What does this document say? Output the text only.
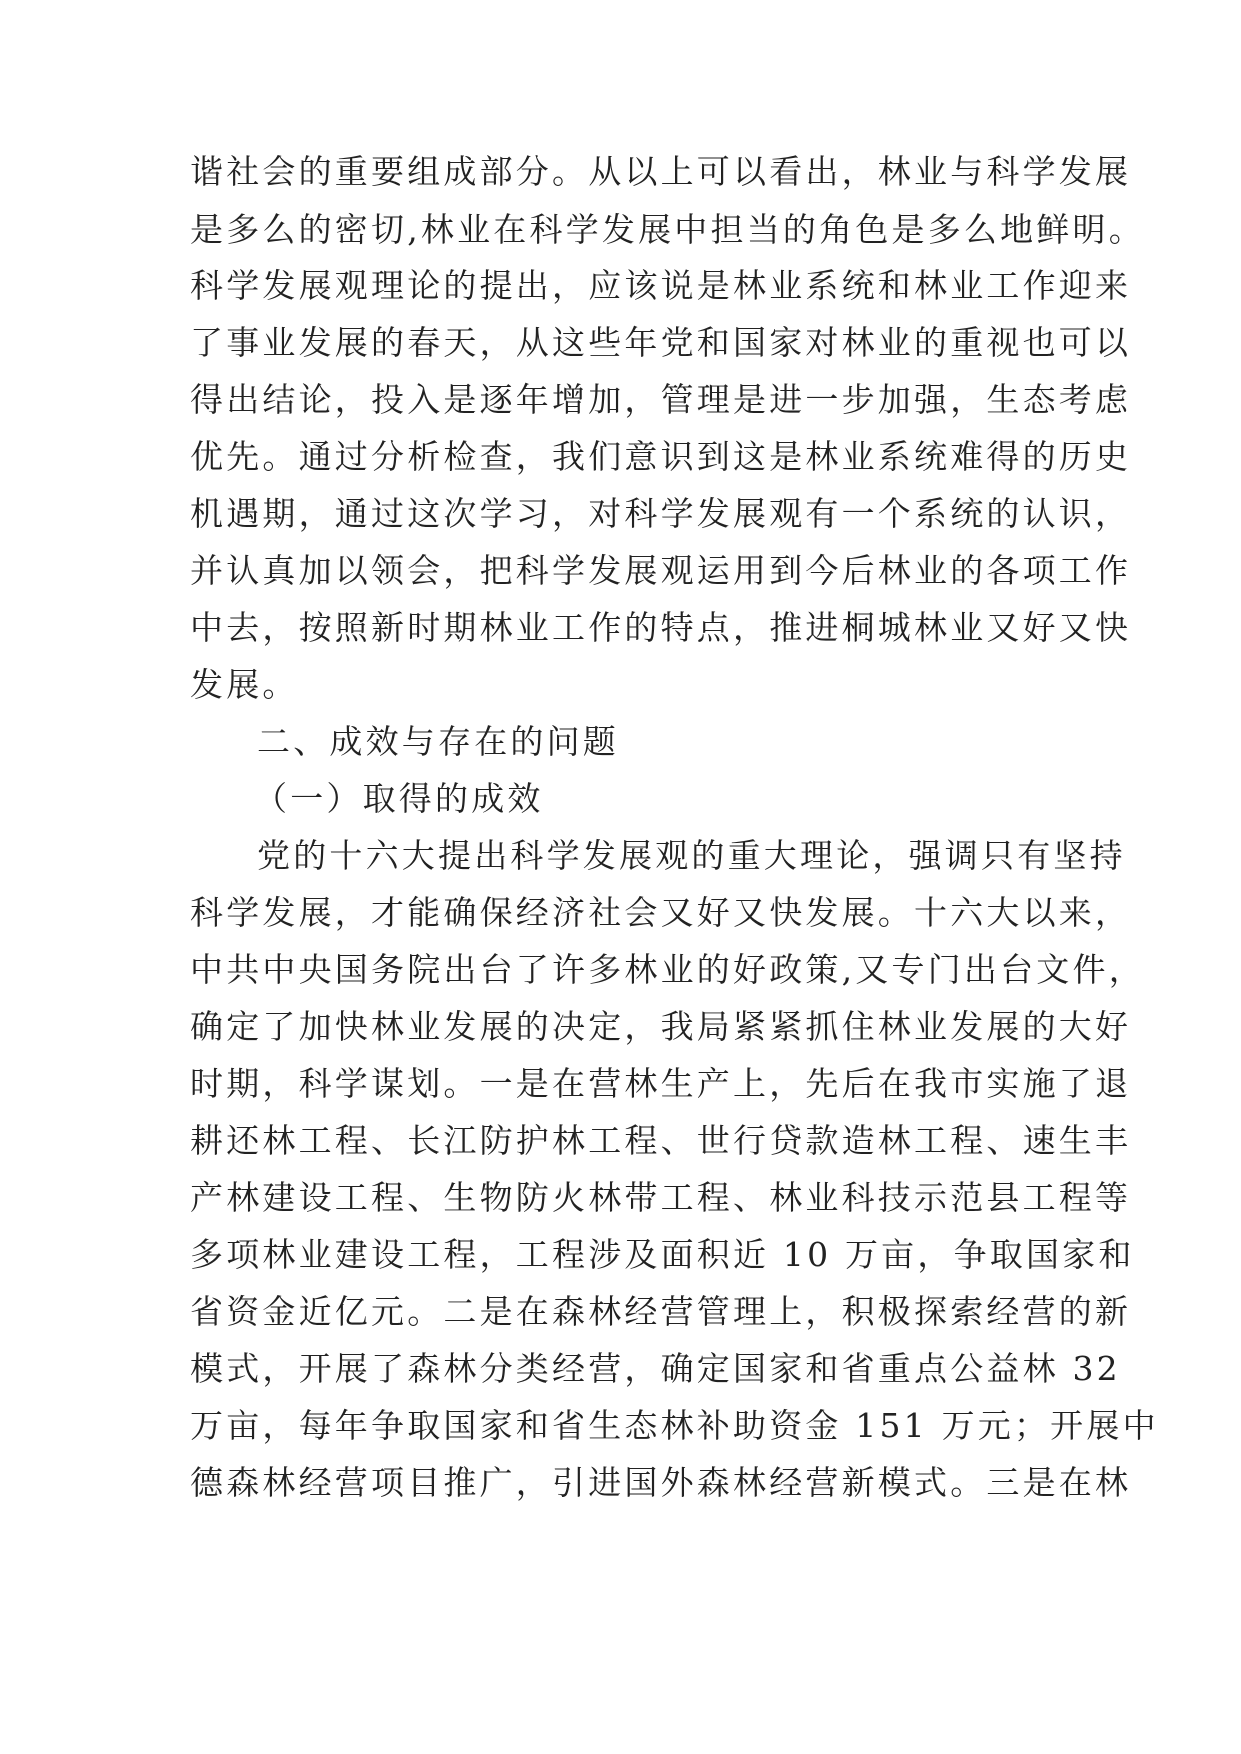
谐社会的重要组成部分。从以上可以看出，林业与科学发展
是多么的密切,林业在科学发展中担当的角色是多么地鲜明。
科学发展观理论的提出，应该说是林业系统和林业工作迎来
了事业发展的春天，从这些年党和国家对林业的重视也可以
得出结论，投入是逐年增加，管理是进一步加强，生态考虑
优先。通过分析检查，我们意识到这是林业系统难得的历史
机遇期，通过这次学习，对科学发展观有一个系统的认识，
并认真加以领会，把科学发展观运用到今后林业的各项工作
中去，按照新时期林业工作的特点，推进桐城林业又好又快
发展。
二、成效与存在的问题
（一）取得的成效
党的十六大提出科学发展观的重大理论，强调只有坚持
科学发展，才能确保经济社会又好又快发展。十六大以来，
中共中央国务院出台了许多林业的好政策,又专门出台文件，
确定了加快林业发展的决定，我局紧紧抓住林业发展的大好
时期，科学谋划。一是在营林生产上，先后在我市实施了退
耕还林工程、长江防护林工程、世行贷款造林工程、速生丰
产林建设工程、生物防火林带工程、林业科技示范县工程等
多项林业建设工程，工程涉及面积近 10 万亩，争取国家和
省资金近亿元。二是在森林经营管理上，积极探索经营的新
模式，开展了森林分类经营，确定国家和省重点公益林 32
万亩，每年争取国家和省生态林补助资金 151 万元；开展中
德森林经营项目推广，引进国外森林经营新模式。三是在林
